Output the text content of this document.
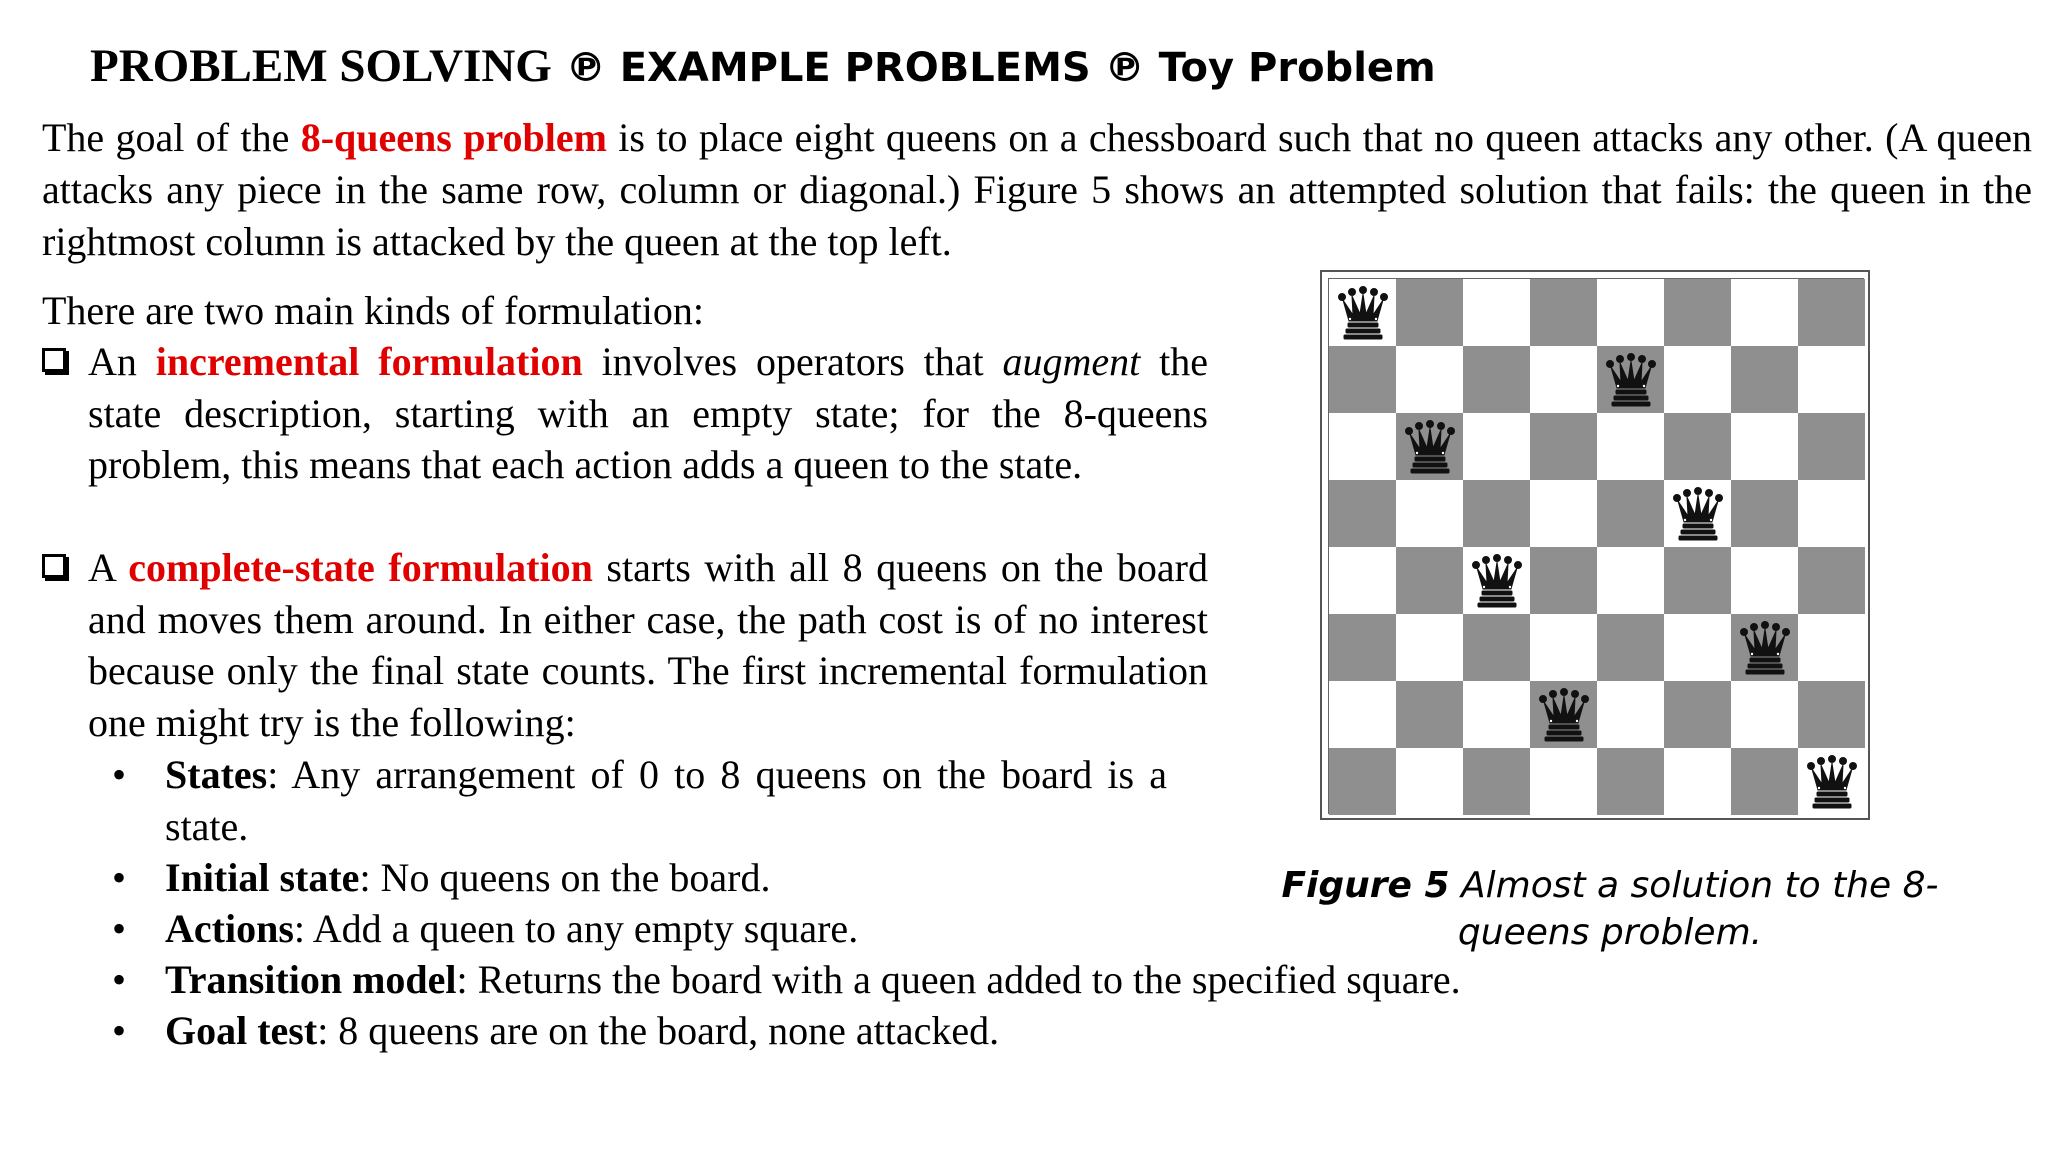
PROBLEM SOLVING ℗ EXAMPLE PROBLEMS ℗ Toy Problem
The goal of the 8-queens problem is to place eight queens on a chessboard such that no queen attacks any other. (A queen attacks any piece in the same row, column or diagonal.) Figure 5 shows an attempted solution that fails: the queen in the rightmost column is attacked by the queen at the top left.
There are two main kinds of formulation:
An incremental formulation involves operators that augment the state description, starting with an empty state; for the 8-queens problem, this means that each action adds a queen to the state.
A complete-state formulation starts with all 8 queens on the board and moves them around. In either case, the path cost is of no interest because only the final state counts. The first incremental formulation one might try is the following:
• States: Any arrangement of 0 to 8 queens on the board is a state.
• Initial state: No queens on the board.
• Actions: Add a queen to any empty square.
• Transition model: Returns the board with a queen added to the specified square.
• Goal test: 8 queens are on the board, none attacked.
Figure 5 Almost a solution to the 8-queens problem.
